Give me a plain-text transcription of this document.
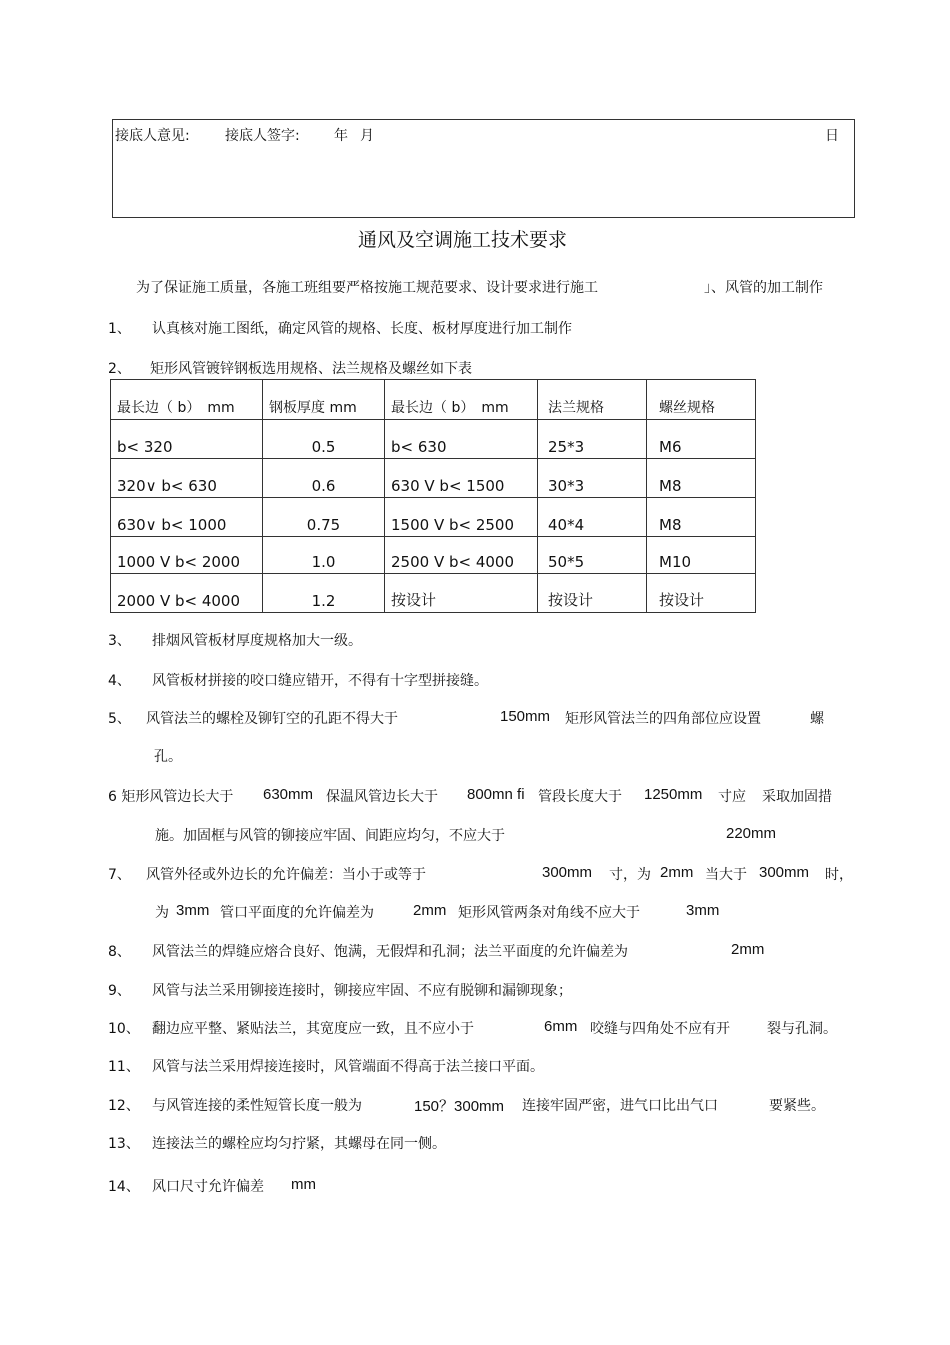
接底人意见:	接底人签字: 年 月	日
通风及空调施工技术要求
为了保证施工质量，各施工班组要严格按施工规范要求、设计要求进行施工	」、风管的加工制作
1、 认真核对施工图纸，确定风管的规格、长度、板材厚度进行加工制作
2、 矩形风管镀锌钢板选用规格、法兰规格及螺丝如下表
最长边（ b）　mm	钢板厚度 mm	最长边（ b）　mm	法兰规格	螺丝规格
b< 320	0.5	b< 630	25*3	M6
320∨ b< 630	0.6	630 V b< 1500	30*3	M8
630∨ b< 1000	0.75	1500 V b< 2500	40*4	M8
1000 V b< 2000	1.0	2500 V b< 4000	50*5	M10
2000 V b< 4000	1.2	按设计	按设计	按设计
3、 排烟风管板材厚度规格加大一级。
4、 风管板材拼接的咬口缝应错开，不得有十字型拼接缝。
5、 风管法兰的螺栓及铆钉空的孔距不得大于	150mm 矩形风管法兰的四角部位应设置	螺
孔。
6 矩形风管边长大于 630mm 保温风管边长大于 800mn fi 管段长度大于 1250mm 寸应 采取加固措
施。加固框与风管的铆接应牢固、间距应均匀，不应大于	220mm
7、 风管外径或外边长的允许偏差：当小于或等于	300mm 寸，为 2mm 当大于 300mm 时，
为 3mm 管口平面度的允许偏差为	2mm 矩形风管两条对角线不应大于	3mm
8、 风管法兰的焊缝应熔合良好、饱满，无假焊和孔洞；法兰平面度的允许偏差为	2mm
9、 风管与法兰采用铆接连接时，铆接应牢固、不应有脱铆和漏铆现象；
10、 翻边应平整、紧贴法兰，其宽度应一致，且不应小于	6mm 咬缝与四角处不应有开	裂与孔洞。
11、 风管与法兰采用焊接连接时，风管端面不得高于法兰接口平面。
12、 与风管连接的柔性短管长度一般为	150？300mm 连接牢固严密，进气口比出气口	要紧些。
13、 连接法兰的螺栓应均匀拧紧，其螺母在同一侧。
14、 风口尺寸允许偏差 mm
